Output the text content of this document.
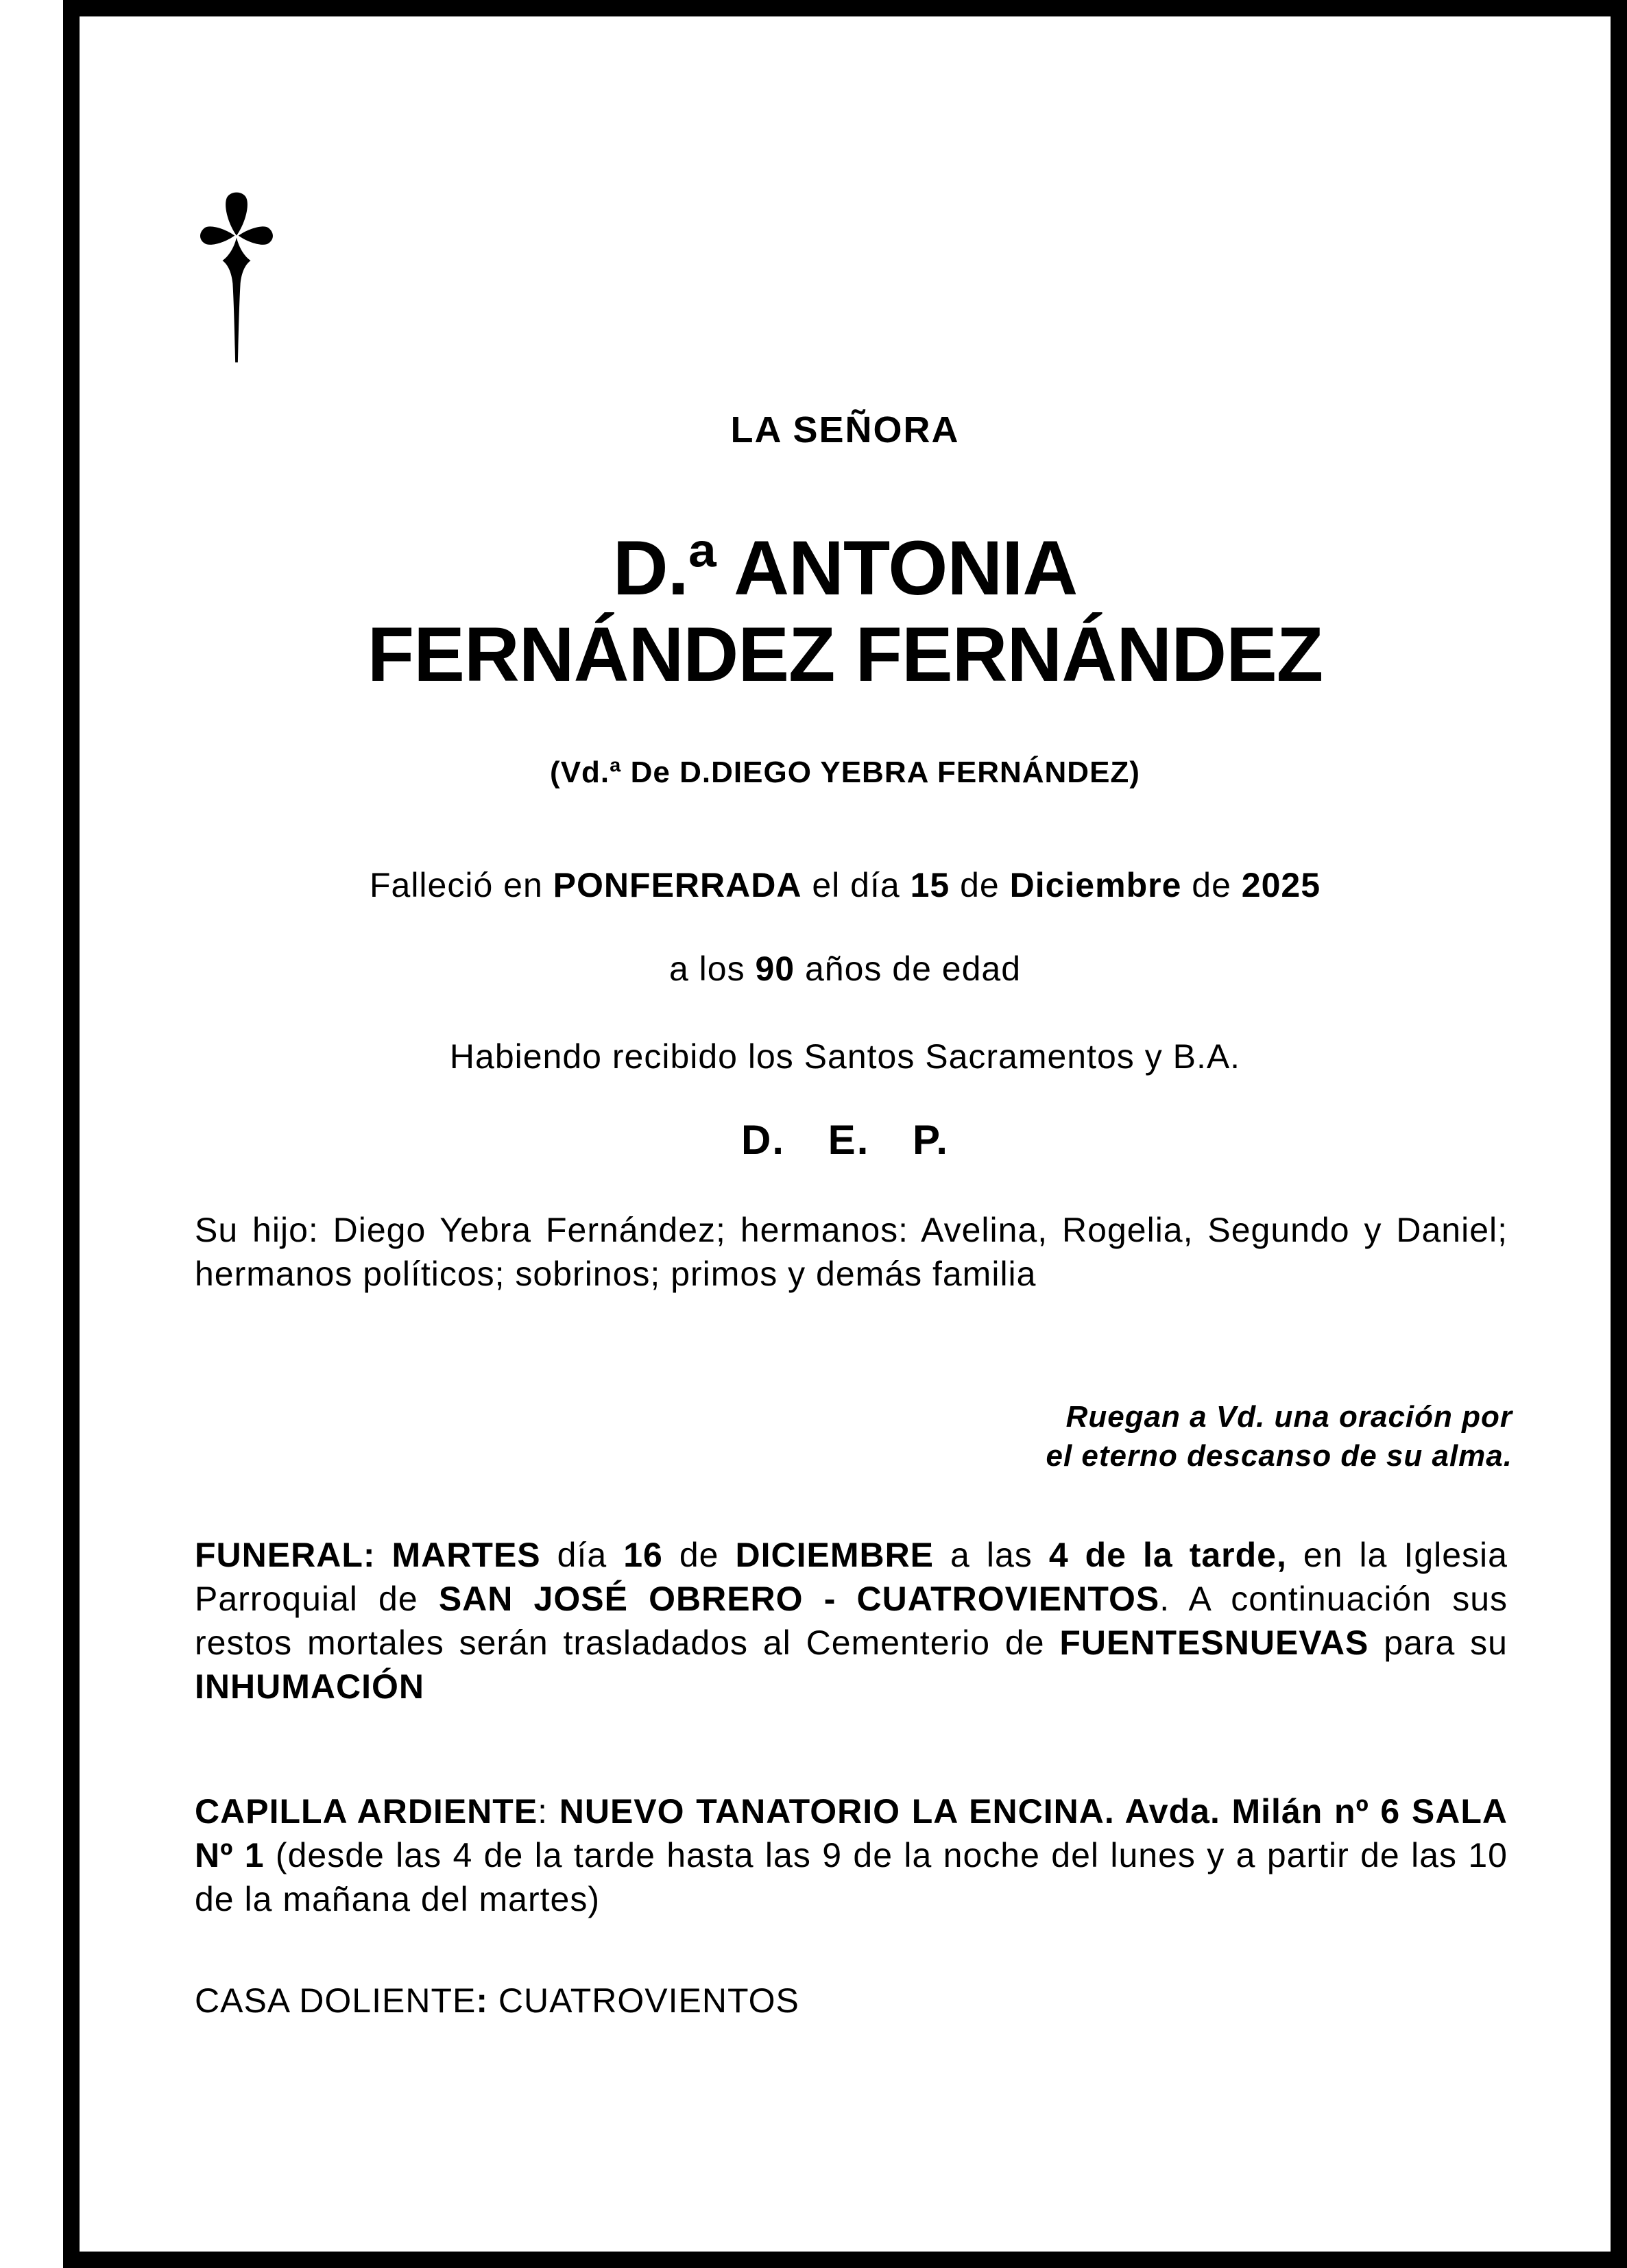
LA SEÑORA
D.ª ANTONIA
FERNÁNDEZ FERNÁNDEZ
(Vd.ª De D.DIEGO YEBRA FERNÁNDEZ)
Falleció en PONFERRADA el día 15 de Diciembre de 2025
a los 90 años de edad
Habiendo recibido los Santos Sacramentos y B.A.
D. E. P.

Su hijo: Diego Yebra Fernández; hermanos: Avelina, Rogelia, Segundo y Daniel; hermanos políticos; sobrinos; primos y demás familia

Ruegan a Vd. una oración por
el eterno descanso de su alma.

FUNERAL: MARTES día 16 de DICIEMBRE a las 4 de la tarde, en la Iglesia Parroquial de SAN JOSÉ OBRERO - CUATROVIENTOS. A continuación sus restos mortales serán trasladados al Cementerio de FUENTESNUEVAS para su INHUMACIÓN

CAPILLA ARDIENTE: NUEVO TANATORIO LA ENCINA. Avda. Milán nº 6 SALA Nº 1 (desde las 4 de la tarde hasta las 9 de la noche del lunes y a partir de las 10 de la mañana del martes)

CASA DOLIENTE: CUATROVIENTOS
